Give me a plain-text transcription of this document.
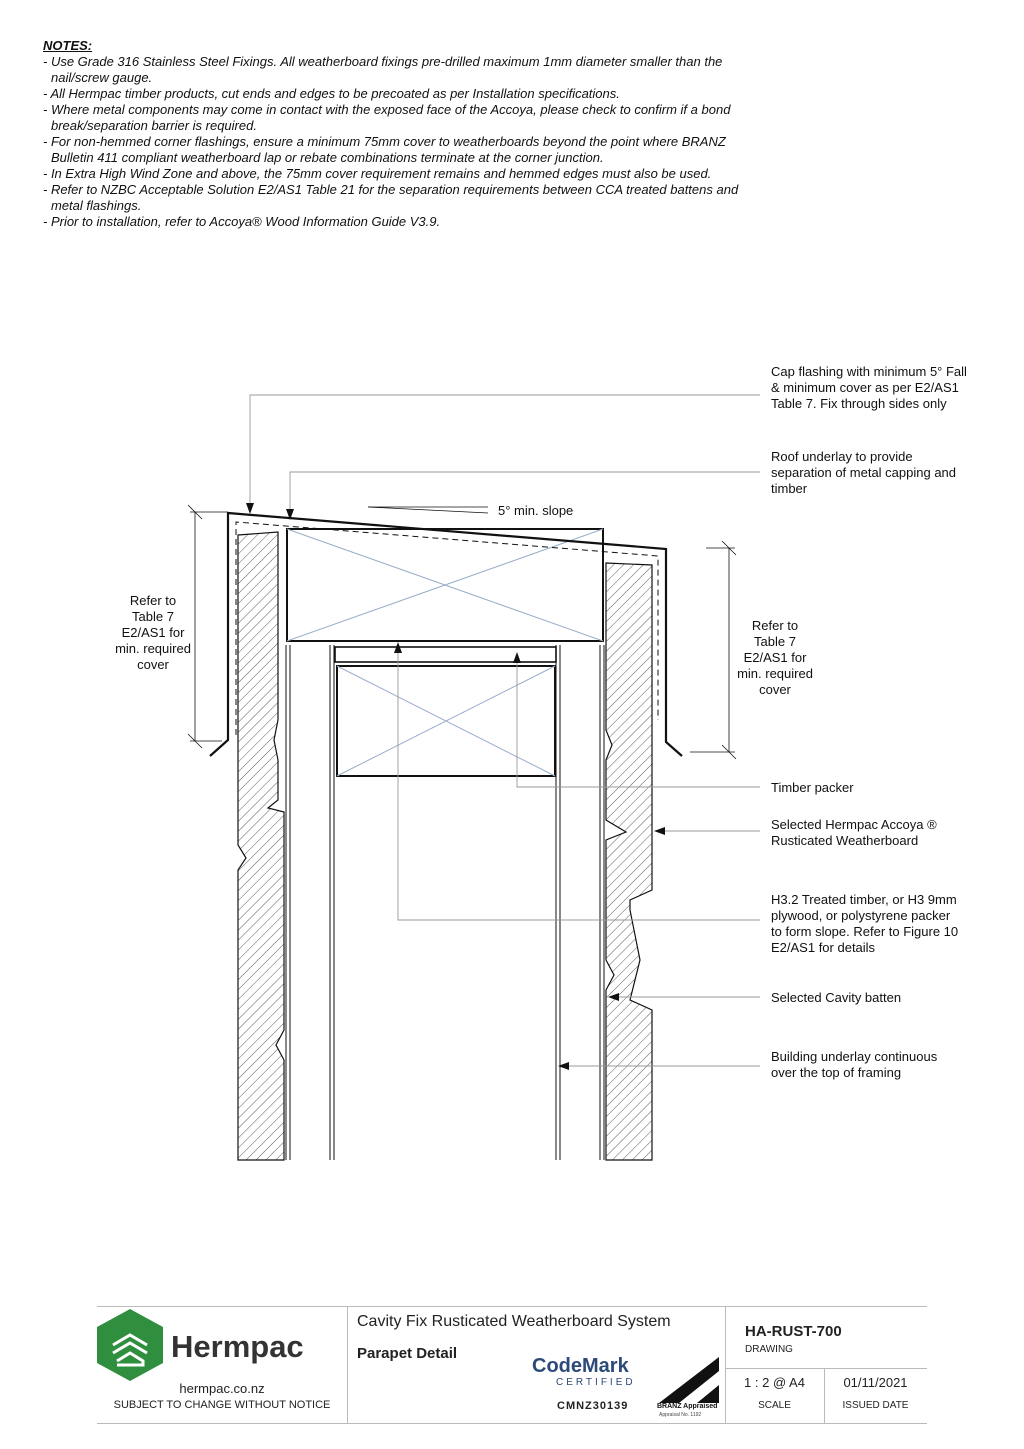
NOTES:
- Use Grade 316 Stainless Steel Fixings. All weatherboard fixings pre-drilled maximum 1mm diameter smaller than the nail/screw gauge.
- All Hermpac timber products, cut ends and edges to be precoated as per Installation specifications.
- Where metal components may come in contact with the exposed face of the Accoya, please check to confirm if a bond break/separation barrier is required.
- For non-hemmed corner flashings, ensure a minimum 75mm cover to weatherboards beyond the point where BRANZ Bulletin 411 compliant weatherboard lap or rebate combinations terminate at the corner junction.
- In Extra High Wind Zone and above, the 75mm cover requirement remains and hemmed edges must also be used.
- Refer to NZBC Acceptable Solution E2/AS1 Table 21 for the separation requirements between CCA treated battens and metal flashings.
- Prior to installation, refer to Accoya® Wood Information Guide V3.9.
Cap flashing with minimum 5° Fall & minimum cover as per E2/AS1 Table 7. Fix through sides only
Roof underlay to provide separation of metal capping and timber
5° min. slope
Refer to Table 7 E2/AS1 for min. required cover
Refer to Table 7 E2/AS1 for min. required cover
Timber packer
Selected Hermpac Accoya ® Rusticated Weatherboard
H3.2 Treated timber, or H3 9mm plywood, or polystyrene packer to form slope. Refer to Figure 10 E2/AS1 for details
Selected Cavity batten
Building underlay continuous over the top of framing
Hermpac
hermpac.co.nz
SUBJECT TO CHANGE WITHOUT NOTICE
Cavity Fix Rusticated Weatherboard System
Parapet Detail
CodeMark
CERTIFIED
CMNZ30139	BRANZ Appraised
Appraisal No. 1192
HA-RUST-700
DRAWING
1 : 2 @ A4
SCALE
01/11/2021
ISSUED DATE
